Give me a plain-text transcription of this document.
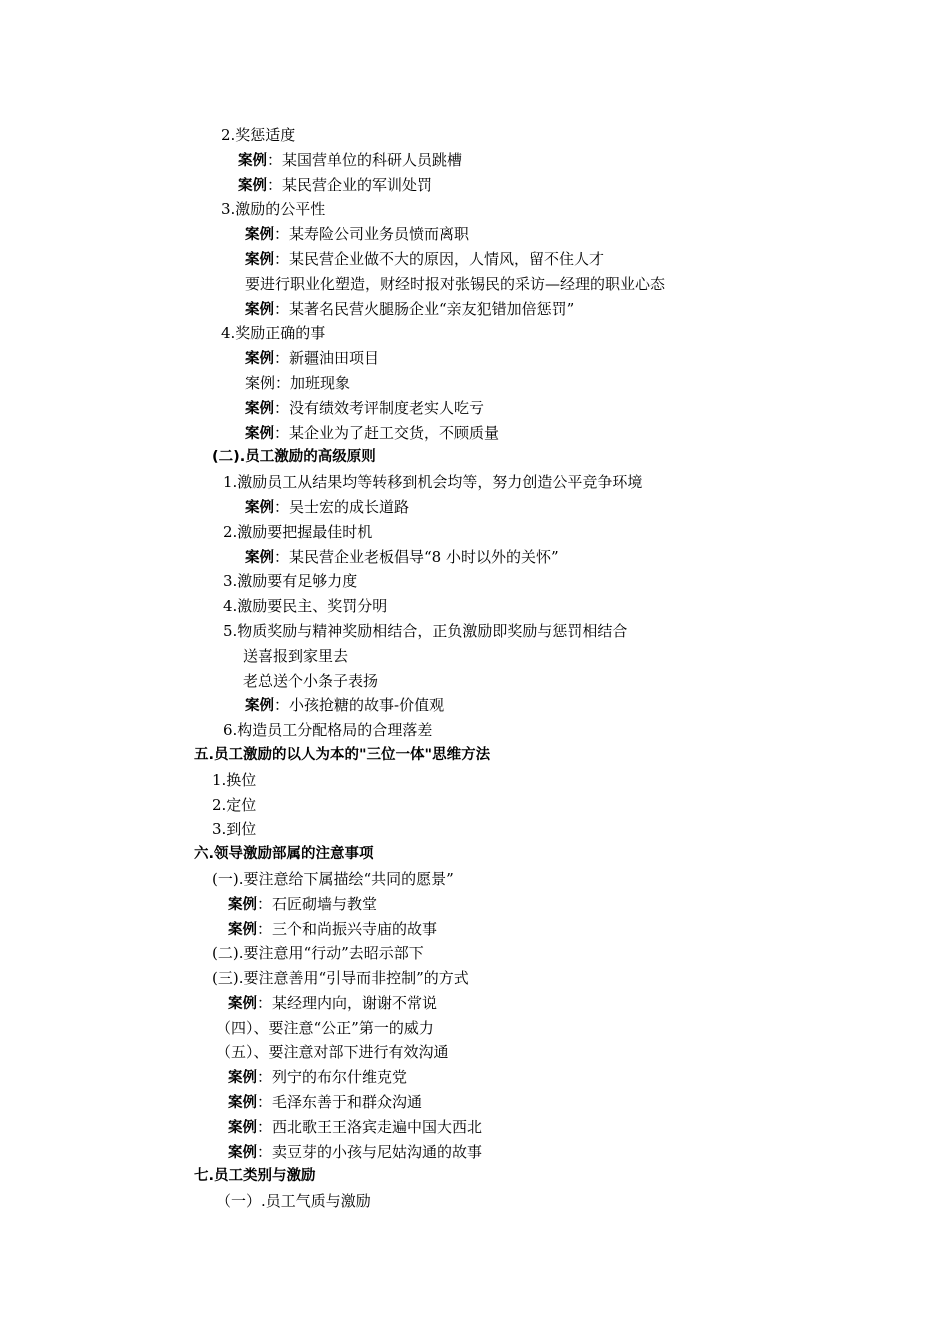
2.奖惩适度
案例：某国营单位的科研人员跳槽
案例：某民营企业的军训处罚
3.激励的公平性
案例：某寿险公司业务员愤而离职
案例：某民营企业做不大的原因，人情风，留不住人才
要进行职业化塑造，财经时报对张锡民的采访—经理的职业心态
案例：某著名民营火腿肠企业“亲友犯错加倍惩罚”
4.奖励正确的事
案例：新疆油田项目
案例：加班现象
案例：没有绩效考评制度老实人吃亏
案例：某企业为了赶工交货，不顾质量
(二).员工激励的高级原则
1.激励员工从结果均等转移到机会均等，努力创造公平竞争环境
案例：吴士宏的成长道路
2.激励要把握最佳时机
案例：某民营企业老板倡导“8 小时以外的关怀”
3.激励要有足够力度
4.激励要民主、奖罚分明
5.物质奖励与精神奖励相结合，正负激励即奖励与惩罚相结合
送喜报到家里去
老总送个小条子表扬
案例：小孩抢糖的故事-价值观
6.构造员工分配格局的合理落差
五.员工激励的以人为本的"三位一体"思维方法
1.换位
2.定位
3.到位
六.领导激励部属的注意事项
(一).要注意给下属描绘“共同的愿景”
案例：石匠砌墙与教堂
案例：三个和尚振兴寺庙的故事
(二).要注意用“行动”去昭示部下
(三).要注意善用“引导而非控制”的方式
案例：某经理内向，谢谢不常说
（四）、要注意“公正”第一的威力
（五）、要注意对部下进行有效沟通
案例：列宁的布尔什维克党
案例：毛泽东善于和群众沟通
案例：西北歌王王洛宾走遍中国大西北
案例：卖豆芽的小孩与尼姑沟通的故事
七.员工类别与激励
（一）.员工气质与激励
